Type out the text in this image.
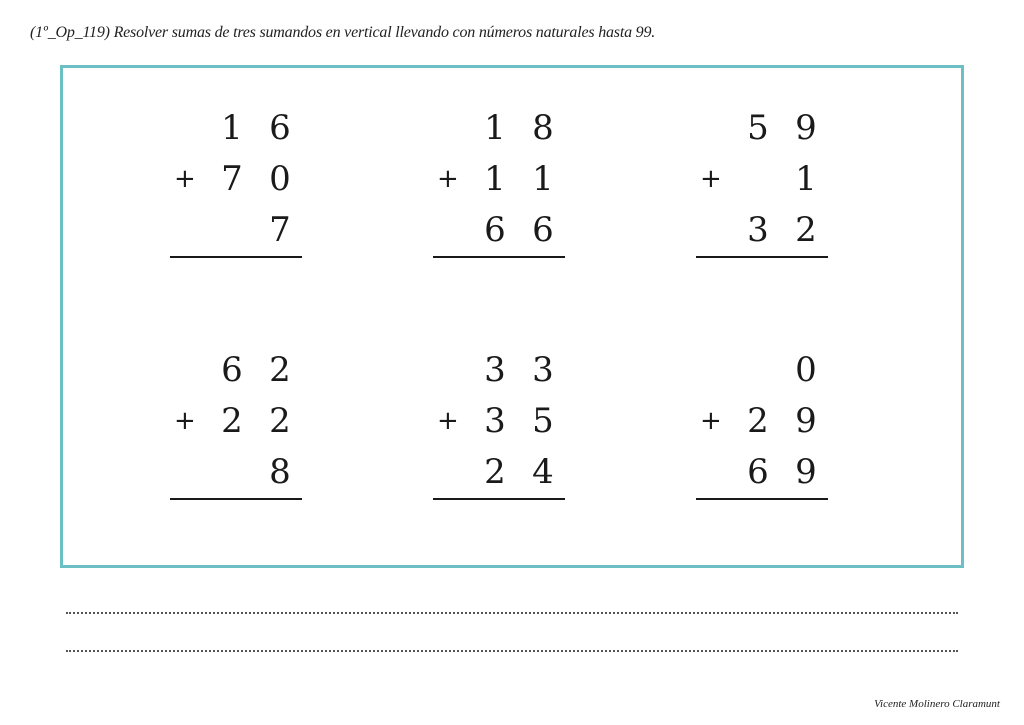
(1º_Op_119) Resolver sumas de tres sumandos en vertical llevando con números naturales hasta 99.
1 6
+ 7 0
7
1 8
+ 1 1
6 6
5 9
+ 1
3 2
6 2
+ 2 2
8
3 3
+ 3 5
2 4
0
+ 2 9
6 9
Vicente Molinero Claramunt
